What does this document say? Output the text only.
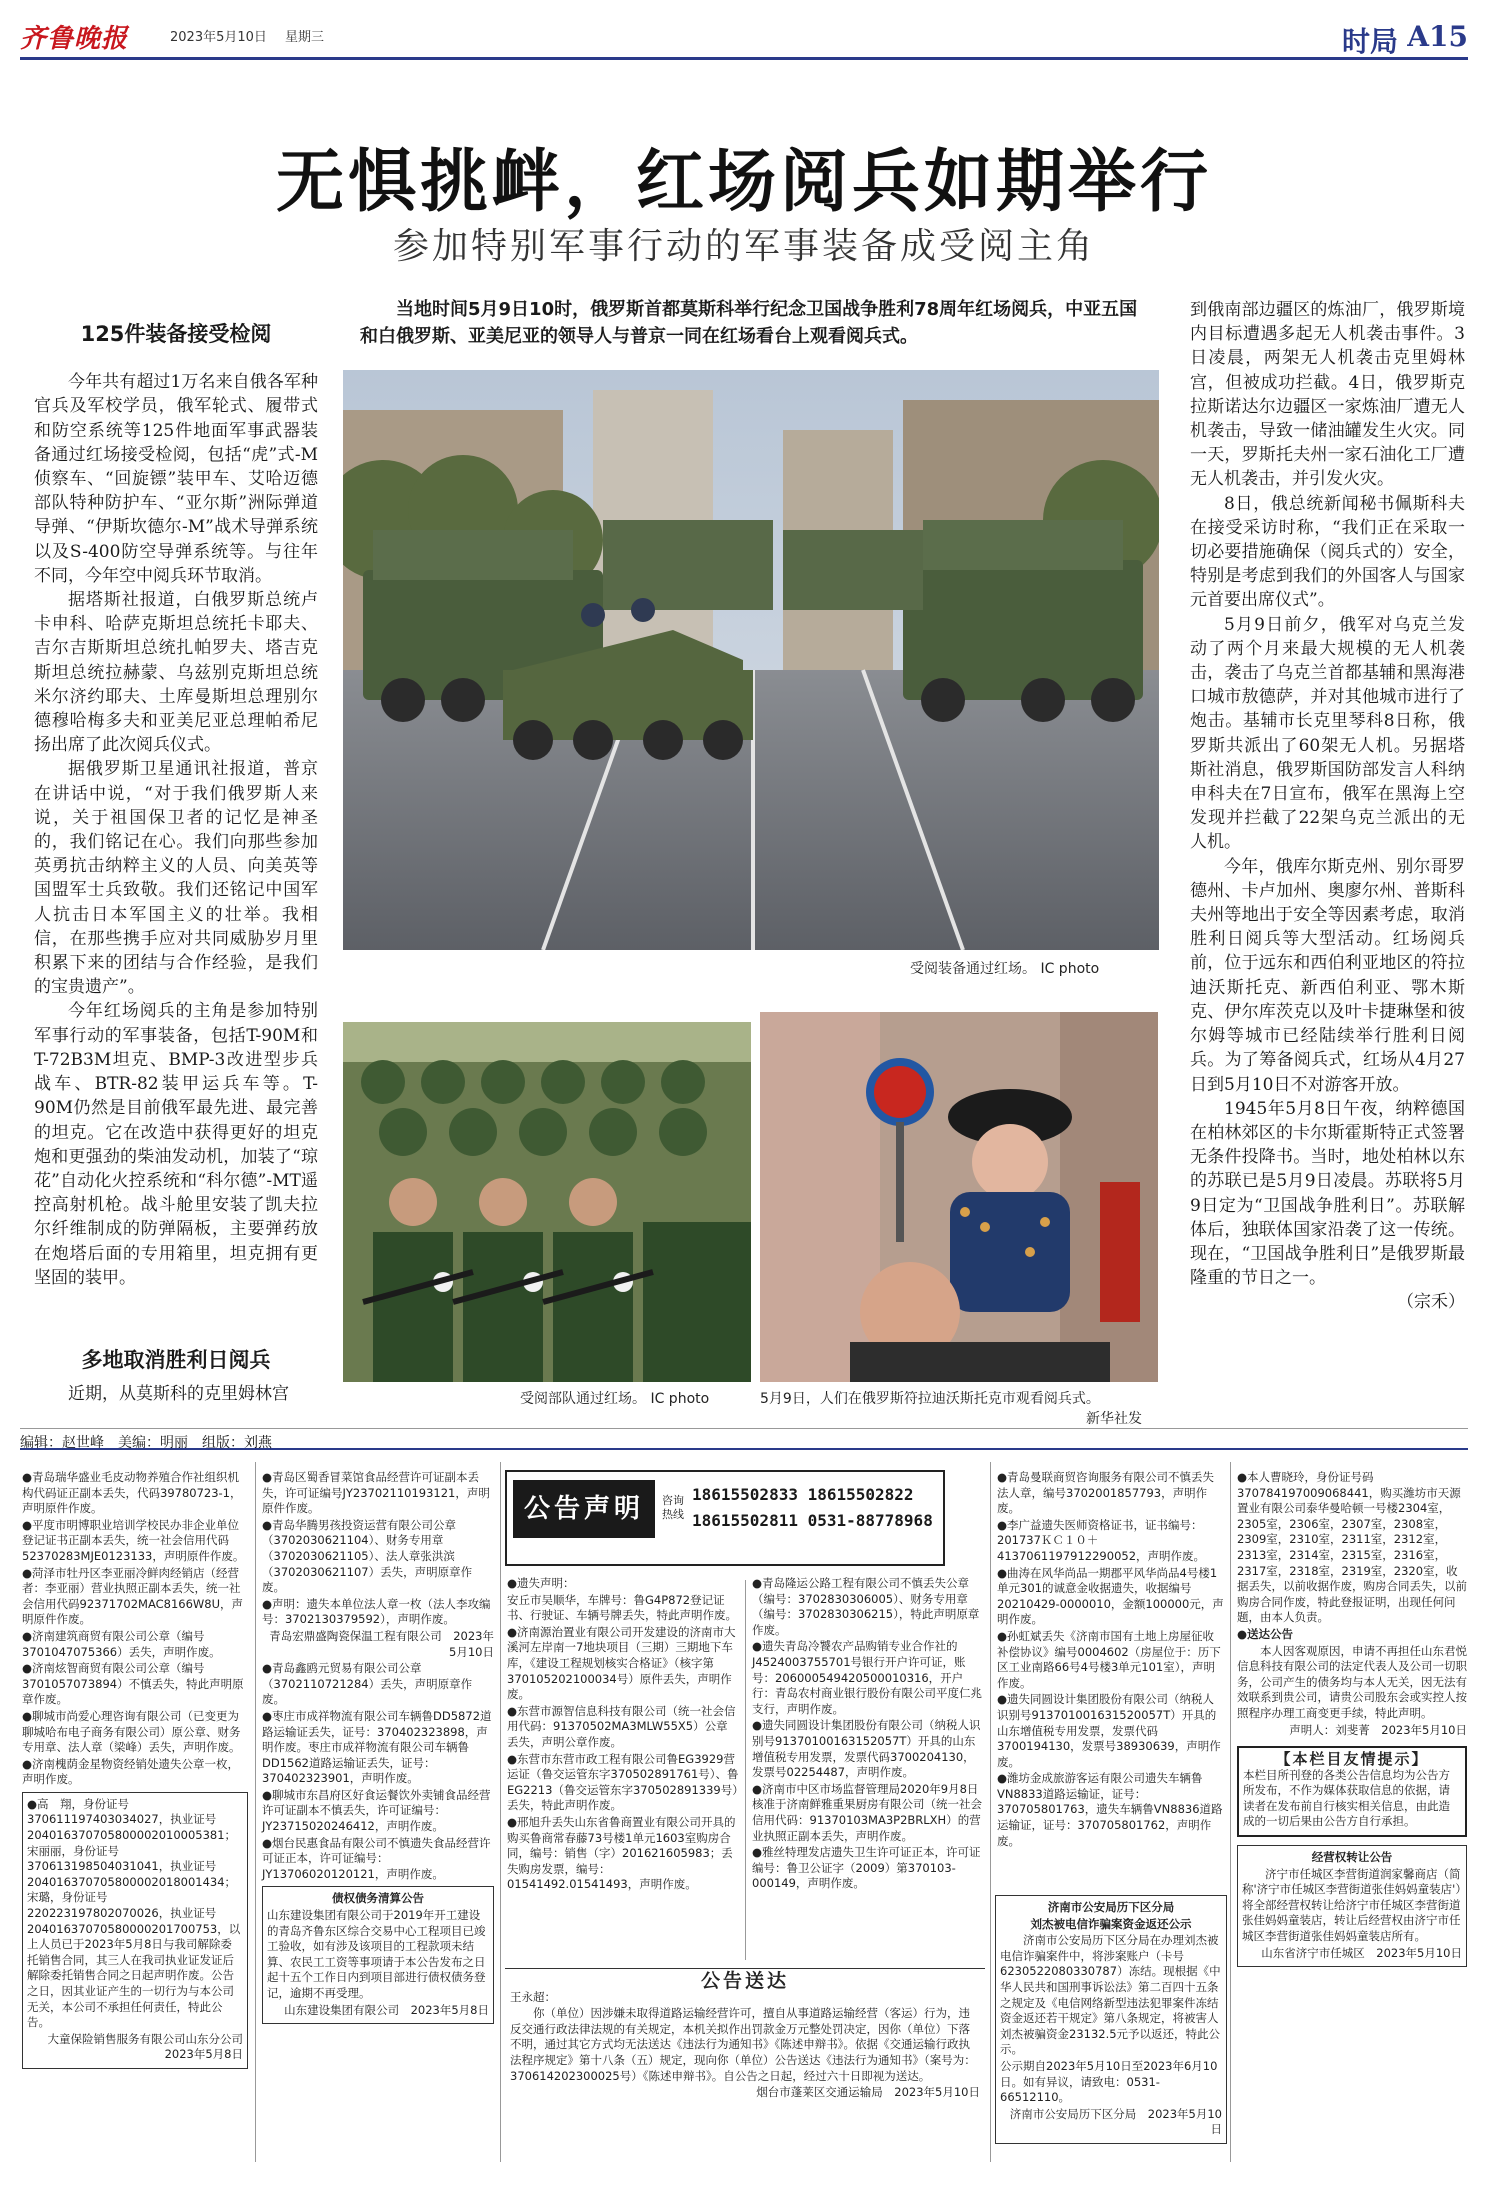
齐鲁晚报	2023年5月10日 星期三	时局 A15
无惧挑衅，红场阅兵如期举行
参加特别军事行动的军事装备成受阅主角
当地时间5月9日10时，俄罗斯首都莫斯科举行纪念卫国战争胜利78周年红场阅兵，中亚五国和白俄罗斯、亚美尼亚的领导人与普京一同在红场看台上观看阅兵式。
125件装备接受检阅

今年共有超过1万名来自俄各军种官兵及军校学员，俄军轮式、履带式和防空系统等125件地面军事武器装备通过红场接受检阅，包括“虎”式-M侦察车、“回旋镖”装甲车、艾哈迈德部队特种防护车、“亚尔斯”洲际弹道导弹、“伊斯坎德尔-M”战术导弹系统以及S-400防空导弹系统等。与往年不同，今年空中阅兵环节取消。

据塔斯社报道，白俄罗斯总统卢卡申科、哈萨克斯坦总统托卡耶夫、吉尔吉斯斯坦总统扎帕罗夫、塔吉克斯坦总统拉赫蒙、乌兹别克斯坦总统米尔济约耶夫、土库曼斯坦总理别尔德穆哈梅多夫和亚美尼亚总理帕希尼扬出席了此次阅兵仪式。

据俄罗斯卫星通讯社报道，普京在讲话中说，“对于我们俄罗斯人来说，关于祖国保卫者的记忆是神圣的，我们铭记在心。我们向那些参加英勇抗击纳粹主义的人员、向美英等国盟军士兵致敬。我们还铭记中国军人抗击日本军国主义的壮举。我相信，在那些携手应对共同威胁岁月里积累下来的团结与合作经验，是我们的宝贵遗产”。

今年红场阅兵的主角是参加特别军事行动的军事装备，包括T-90M和T-72B3M坦克、BMP-3改进型步兵战车、BTR-82装甲运兵车等。T-90M仍然是目前俄军最先进、最完善的坦克。它在改造中获得更好的坦克炮和更强劲的柴油发动机，加装了“琼花”自动化火控系统和“科尔德”-MT遥控高射机枪。战斗舱里安装了凯夫拉尔纤维制成的防弹隔板，主要弹药放在炮塔后面的专用箱里，坦克拥有更坚固的装甲。

多地取消胜利日阅兵

近期，从莫斯科的克里姆林宫

受阅装备通过红场。 IC photo
受阅部队通过红场。 IC photo	5月9日，人们在俄罗斯符拉迪沃斯托克市观看阅兵式。
新华社发

到俄南部边疆区的炼油厂，俄罗斯境内目标遭遇多起无人机袭击事件。3日凌晨，两架无人机袭击克里姆林宫，但被成功拦截。4日，俄罗斯克拉斯诺达尔边疆区一家炼油厂遭无人机袭击，导致一储油罐发生火灾。同一天，罗斯托夫州一家石油化工厂遭无人机袭击，并引发火灾。

8日，俄总统新闻秘书佩斯科夫在接受采访时称，“我们正在采取一切必要措施确保（阅兵式的）安全，特别是考虑到我们的外国客人与国家元首要出席仪式”。

5月9日前夕，俄军对乌克兰发动了两个月来最大规模的无人机袭击，袭击了乌克兰首都基辅和黑海港口城市敖德萨，并对其他城市进行了炮击。基辅市长克里琴科8日称，俄罗斯共派出了60架无人机。另据塔斯社消息，俄罗斯国防部发言人科纳申科夫在7日宣布，俄军在黑海上空发现并拦截了22架乌克兰派出的无人机。

今年，俄库尔斯克州、别尔哥罗德州、卡卢加州、奥廖尔州、普斯科夫州等地出于安全等因素考虑，取消胜利日阅兵等大型活动。红场阅兵前，位于远东和西伯利亚地区的符拉迪沃斯托克、新西伯利亚、鄂木斯克、伊尔库茨克以及叶卡捷琳堡和彼尔姆等城市已经陆续举行胜利日阅兵。为了筹备阅兵式，红场从4月27日到5月10日不对游客开放。

1945年5月8日午夜，纳粹德国在柏林郊区的卡尔斯霍斯特正式签署无条件投降书。当时，地处柏林以东的苏联已是5月9日凌晨。苏联将5月9日定为“卫国战争胜利日”。苏联解体后，独联体国家沿袭了这一传统。现在，“卫国战争胜利日”是俄罗斯最隆重的节日之一。

（宗禾）

编辑：赵世峰　美编：明丽　组版：刘燕

●青岛瑞华盛业毛皮动物养殖合作社组织机构代码证正副本丢失，代码39780723-1，声明原件作废。

●平度市明博职业培训学校民办非企业单位登记证书正副本丢失，统一社会信用代码52370283MJE0123133，声明原件作废。

●菏泽市牡丹区李亚丽冷鲜肉经销店（经营者：李亚丽）营业执照正副本丢失，统一社会信用代码92371702MAC8166W8U，声明原件作废。

●济南建筑商贸有限公司公章（编号3701047075366）丢失，声明作废。

●济南炫智商贸有限公司公章（编号3701057073894）不慎丢失，特此声明原章作废。

●聊城市尚爱心理咨询有限公司（已变更为聊城哈布电子商务有限公司）原公章、财务专用章、法人章（梁峰）丢失，声明作废。

●济南槐荫金星物资经销处遗失公章一枚，声明作废。

●高　翔，身份证号370611197403034027，执业证号204016370705800002010005381；宋丽丽，身份证号370613198504031041，执业证号204016370705800002018001434；宋璐，身份证号220223197802070026，执业证号20401637070580000201700753，以上人员已于2023年5月8日与我司解除委托销售合同，其三人在我司执业证发证后解除委托销售合同之日起声明作废。公告之日，因其业证产生的一切行为与本公司无关，本公司不承担任何责任，特此公告。

大童保险销售服务有限公司山东分公司　2023年5月8日

●青岛区蜀香冒菜馆食品经营许可证副本丢失，许可证编号JY23702110193121，声明原件作废。

●青岛华腾男孩投资运营有限公司公章（3702030621104）、财务专用章（3702030621105）、法人章张洪滨（3702030621107）丢失，声明原章作废。

●声明：遗失本单位法人章一枚（法人李攻编号：3702130379592），声明作废。

青岛宏鼎盛陶瓷保温工程有限公司　2023年5月10日

●青岛鑫鸥元贸易有限公司公章（3702110721284）丢失，声明原章作废。

●枣庄市成祥物流有限公司车辆鲁DD5872道路运输证丢失，证号：370402323898，声明作废。枣庄市成祥物流有限公司车辆鲁DD1562道路运输证丢失，证号：370402323901，声明作废。

●聊城市东昌府区好食运餐饮外卖铺食品经营许可证副本不慎丢失，许可证编号：JY23715020246412，声明作废。

●烟台民惠食品有限公司不慎遗失食品经营许可证正本，许可证编号：JY13706020120121，声明作废。

债权债务清算公告

山东建设集团有限公司于2019年开工建设的青岛齐鲁东区综合交易中心工程项目已竣工验收，如有涉及该项目的工程款项未结算、农民工工资等事项请于本公告发布之日起十五个工作日内到项目部进行债权债务登记，逾期不再受理。

山东建设集团有限公司　2023年5月8日

公告声明	咨询热线
18615502833 18615502822
18615502811 0531-88778968

●遗失声明：

安丘市吴顺华，车牌号：鲁G4P872登记证书、行驶证、车辆号牌丢失，特此声明作废。

●济南源治置业有限公司开发建设的济南市大溪河左岸南一7地块项目（三期）三期地下车库，《建设工程规划核实合格证》（核字第370105202100034号）原件丢失，声明作废。

●东营市源智信息科技有限公司（统一社会信用代码：91370502MA3MLW55X5）公章丢失，声明公章作废。

●东营市东营市政工程有限公司鲁EG3929营运证（鲁交运管东字370502891761号）、鲁EG2213（鲁交运管东字370502891339号）丢失，特此声明作废。

●邢旭升丢失山东省鲁商置业有限公司开具的购买鲁商常春藤73号楼1单元1603室购房合同，编号：销售（字）201621605983；丢失购房发票，编号：01541492.01541493，声明作废。

●青岛隆运公路工程有限公司不慎丢失公章（编号：3702830306005）、财务专用章（编号：3702830306215），特此声明原章作废。

●遗失青岛冷饕农产品购销专业合作社的J4524003755701号银行开户许可证，账号：206000549420500010316，开户行：青岛农村商业银行股份有限公司平度仁兆支行，声明作废。

●遗失同圆设计集团股份有限公司（纳税人识别号91370100163152057T）开具的山东增值税专用发票，发票代码3700204130，发票号02254487，声明作废。

●济南市中区市场监督管理局2020年9月8日核准于济南鲜雅重果厨房有限公司（统一社会信用代码：91370103MA3P2BRLXH）的营业执照正副本丢失，声明作废。

●雅丝特理发店遗失卫生许可证正本，许可证编号：鲁卫公证字（2009）第370103-000149，声明作废。

公告送达

王永超：

你（单位）因涉嫌未取得道路运输经营许可，擅自从事道路运输经营（客运）行为，违反交通行政法律法规的有关规定，本机关拟作出罚款金万元整处罚决定，因你（单位）下落不明，通过其它方式均无法送达《违法行为通知书》《陈述申辩书》。依据《交通运输行政执法程序规定》第十八条（五）规定，现向你（单位）公告送达《违法行为通知书》（案号为：370614202300025号）《陈述申辩书》。自公告之日起，经过六十日即视为送达。

烟台市蓬莱区交通运输局　2023年5月10日

●青岛曼联商贸咨询服务有限公司不慎丢失法人章，编号3702001857793，声明作废。

●李广益遗失医师资格证书，证书编号：201737ＫＣ１０＋4137061197912290052，声明作废。

●曲涛在风华尚品一期郡平风华尚品4号楼1单元301的诚意金收据遗失，收据编号20210429-0000010，金额100000元，声明作废。

●孙虹斌丢失《济南市国有土地上房屋征收补偿协议》编号0004602（房屋位于：历下区工业南路66号4号楼3单元101室），声明作废。

●遗失同圆设计集团股份有限公司（纳税人识别号913701001631520057T）开具的山东增值税专用发票，发票代码3700194130，发票号38930639，声明作废。

●潍坊金成旅游客运有限公司遗失车辆鲁VN8833道路运输证，证号：370705801763，遗失车辆鲁VN8836道路运输证，证号：370705801762，声明作废。

济南市公安局历下区分局

刘杰被电信诈骗案资金返还公示

济南市公安局历下区分局在办理刘杰被电信诈骗案件中，将涉案账户（卡号6230522080330787）冻结。现根据《中华人民共和国刑事诉讼法》第二百四十五条之规定及《电信网络新型违法犯罪案件冻结资金返还若干规定》第八条规定，将被害人刘杰被骗资金23132.5元予以返还，特此公示。

公示期自2023年5月10日至2023年6月10日。如有异议，请致电：0531-66512110。

济南市公安局历下区分局　2023年5月10日

●本人曹晓玲，身份证号码370784197009068441，购买潍坊市天源置业有限公司泰华曼哈顿一号楼2304室，2305室，2306室，2307室，2308室，2309室，2310室，2311室，2312室，2313室，2314室，2315室，2316室，2317室，2318室，2319室，2320室，收据丢失，以前收据作废，购房合同丢失，以前购房合同作废，特此登报证明，出现任何问题，由本人负责。

●送达公告

本人因客观原因，申请不再担任山东君悦信息科技有限公司的法定代表人及公司一切职务，公司产生的债务均与本人无关，因无法有效联系到贵公司，请贵公司股东会或实控人按照程序办理工商变更手续，特此声明。

声明人：刘斐菁　2023年5月10日

【本栏目友情提示】

本栏目所刊登的各类公告信息均为公告方所发布，不作为媒体获取信息的依据，请读者在发布前自行核实相关信息，由此造成的一切后果由公告方自行承担。

经营权转让公告

济宁市任城区李营街道润家馨商店（简称'济宁市任城区李营街道张佳妈妈童装店'）将全部经营权转让给济宁市任城区李营街道张佳妈妈童装店，转让后经营权由济宁市任城区李营街道张佳妈妈童装店所有。

山东省济宁市任城区　2023年5月10日
